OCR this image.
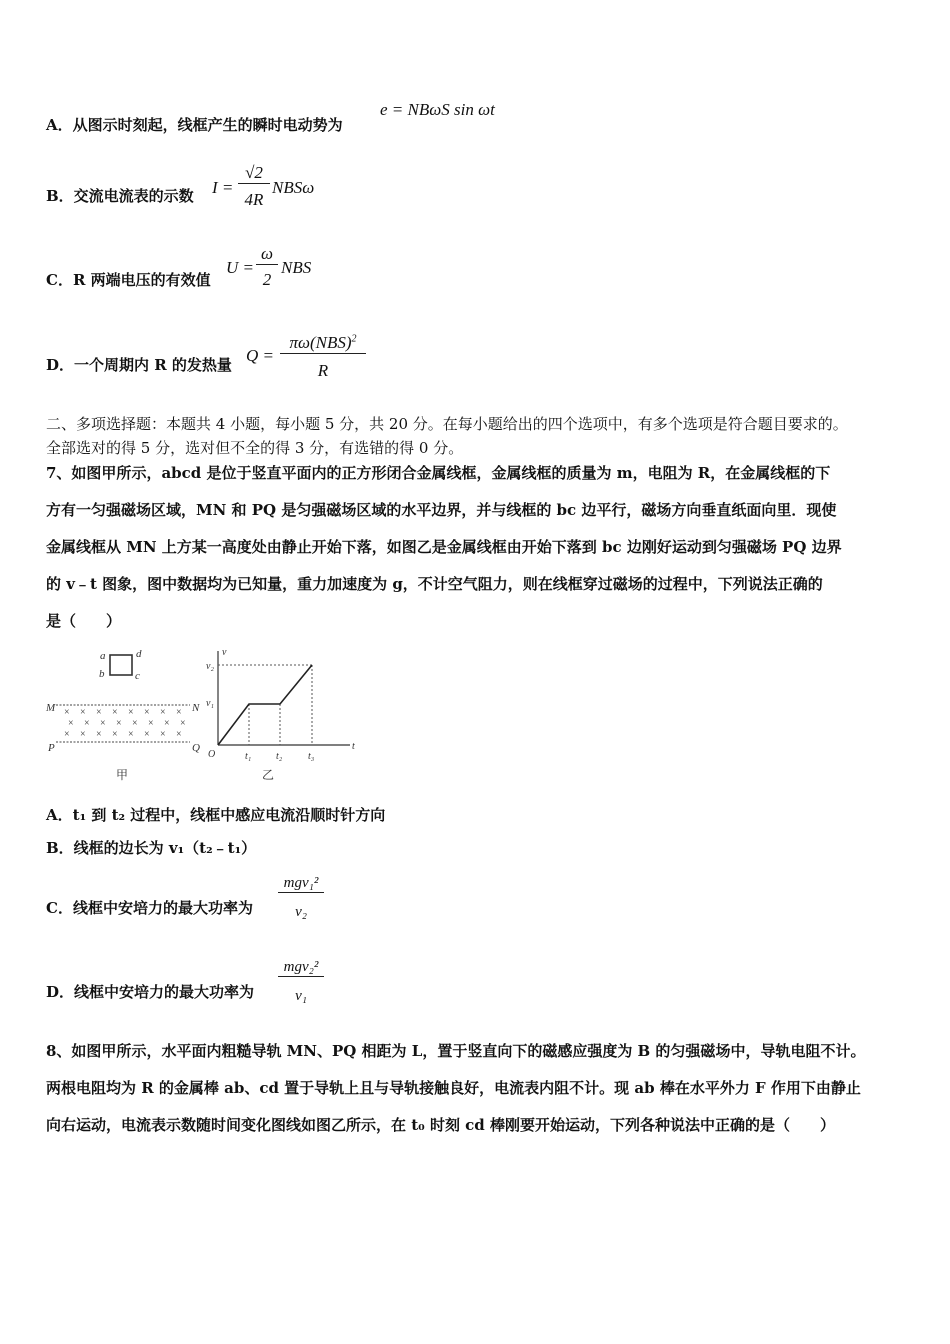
A．从图示时刻起，线框产生的瞬时电动势为
e = NBωS sin ωt
B．交流电流表的示数 I =
√2
4R
NBSω
C．R 两端电压的有效值
U =
ω
2
NBS
D．一个周期内 R 的发热量 Q =
πω(NBS)$^2$
R
二、多项选择题：本题共 4 小题，每小题 5 分，共 20 分。在每小题给出的四个选项中，有多个选项是符合题目要求的。
全部选对的得 5 分，选对但不全的得 3 分，有选错的得 0 分。
7、如图甲所示，abcd 是位于竖直平面内的正方形闭合金属线框，金属线框的质量为 m，电阻为 R，在金属线框的下
方有一匀强磁场区域，MN 和 PQ 是匀强磁场区域的水平边界，并与线框的 bc 边平行，磁场方向垂直纸面向里．现使
金属线框从 MN 上方某一高度处由静止开始下落，如图乙是金属线框由开始下落到 bc 边刚好运动到匀强磁场 PQ 边界
的 v﹣t 图象，图中数据均为已知量，重力加速度为 g，不计空气阻力，则在线框穿过磁场的过程中，下列说法正确的
是（　　）
a
b	c
d
M	N
P	Q
× × × × × × × ×
× × × × × × × ×
× × × × × × × ×
甲
v
t
O
v₂
v₁
t₁ t₂	t₃
乙
A．t₁ 到 t₂ 过程中，线框中感应电流沿顺时针方向
B．线框的边长为 v₁（t₂﹣t₁）
C．线框中安培力的最大功率为
mgv₁²
v₂
D．线框中安培力的最大功率为
mgv₂²
v₁
8、如图甲所示，水平面内粗糙导轨 MN、PQ 相距为 L，置于竖直向下的磁感应强度为 B 的匀强磁场中，导轨电阻不计。
两根电阻均为 R 的金属棒 ab、cd 置于导轨上且与导轨接触良好，电流表内阻不计。现 ab 棒在水平外力 F 作用下由静止
向右运动，电流表示数随时间变化图线如图乙所示，在 t₀ 时刻 cd 棒刚要开始运动，下列各种说法中正确的是（　　）
